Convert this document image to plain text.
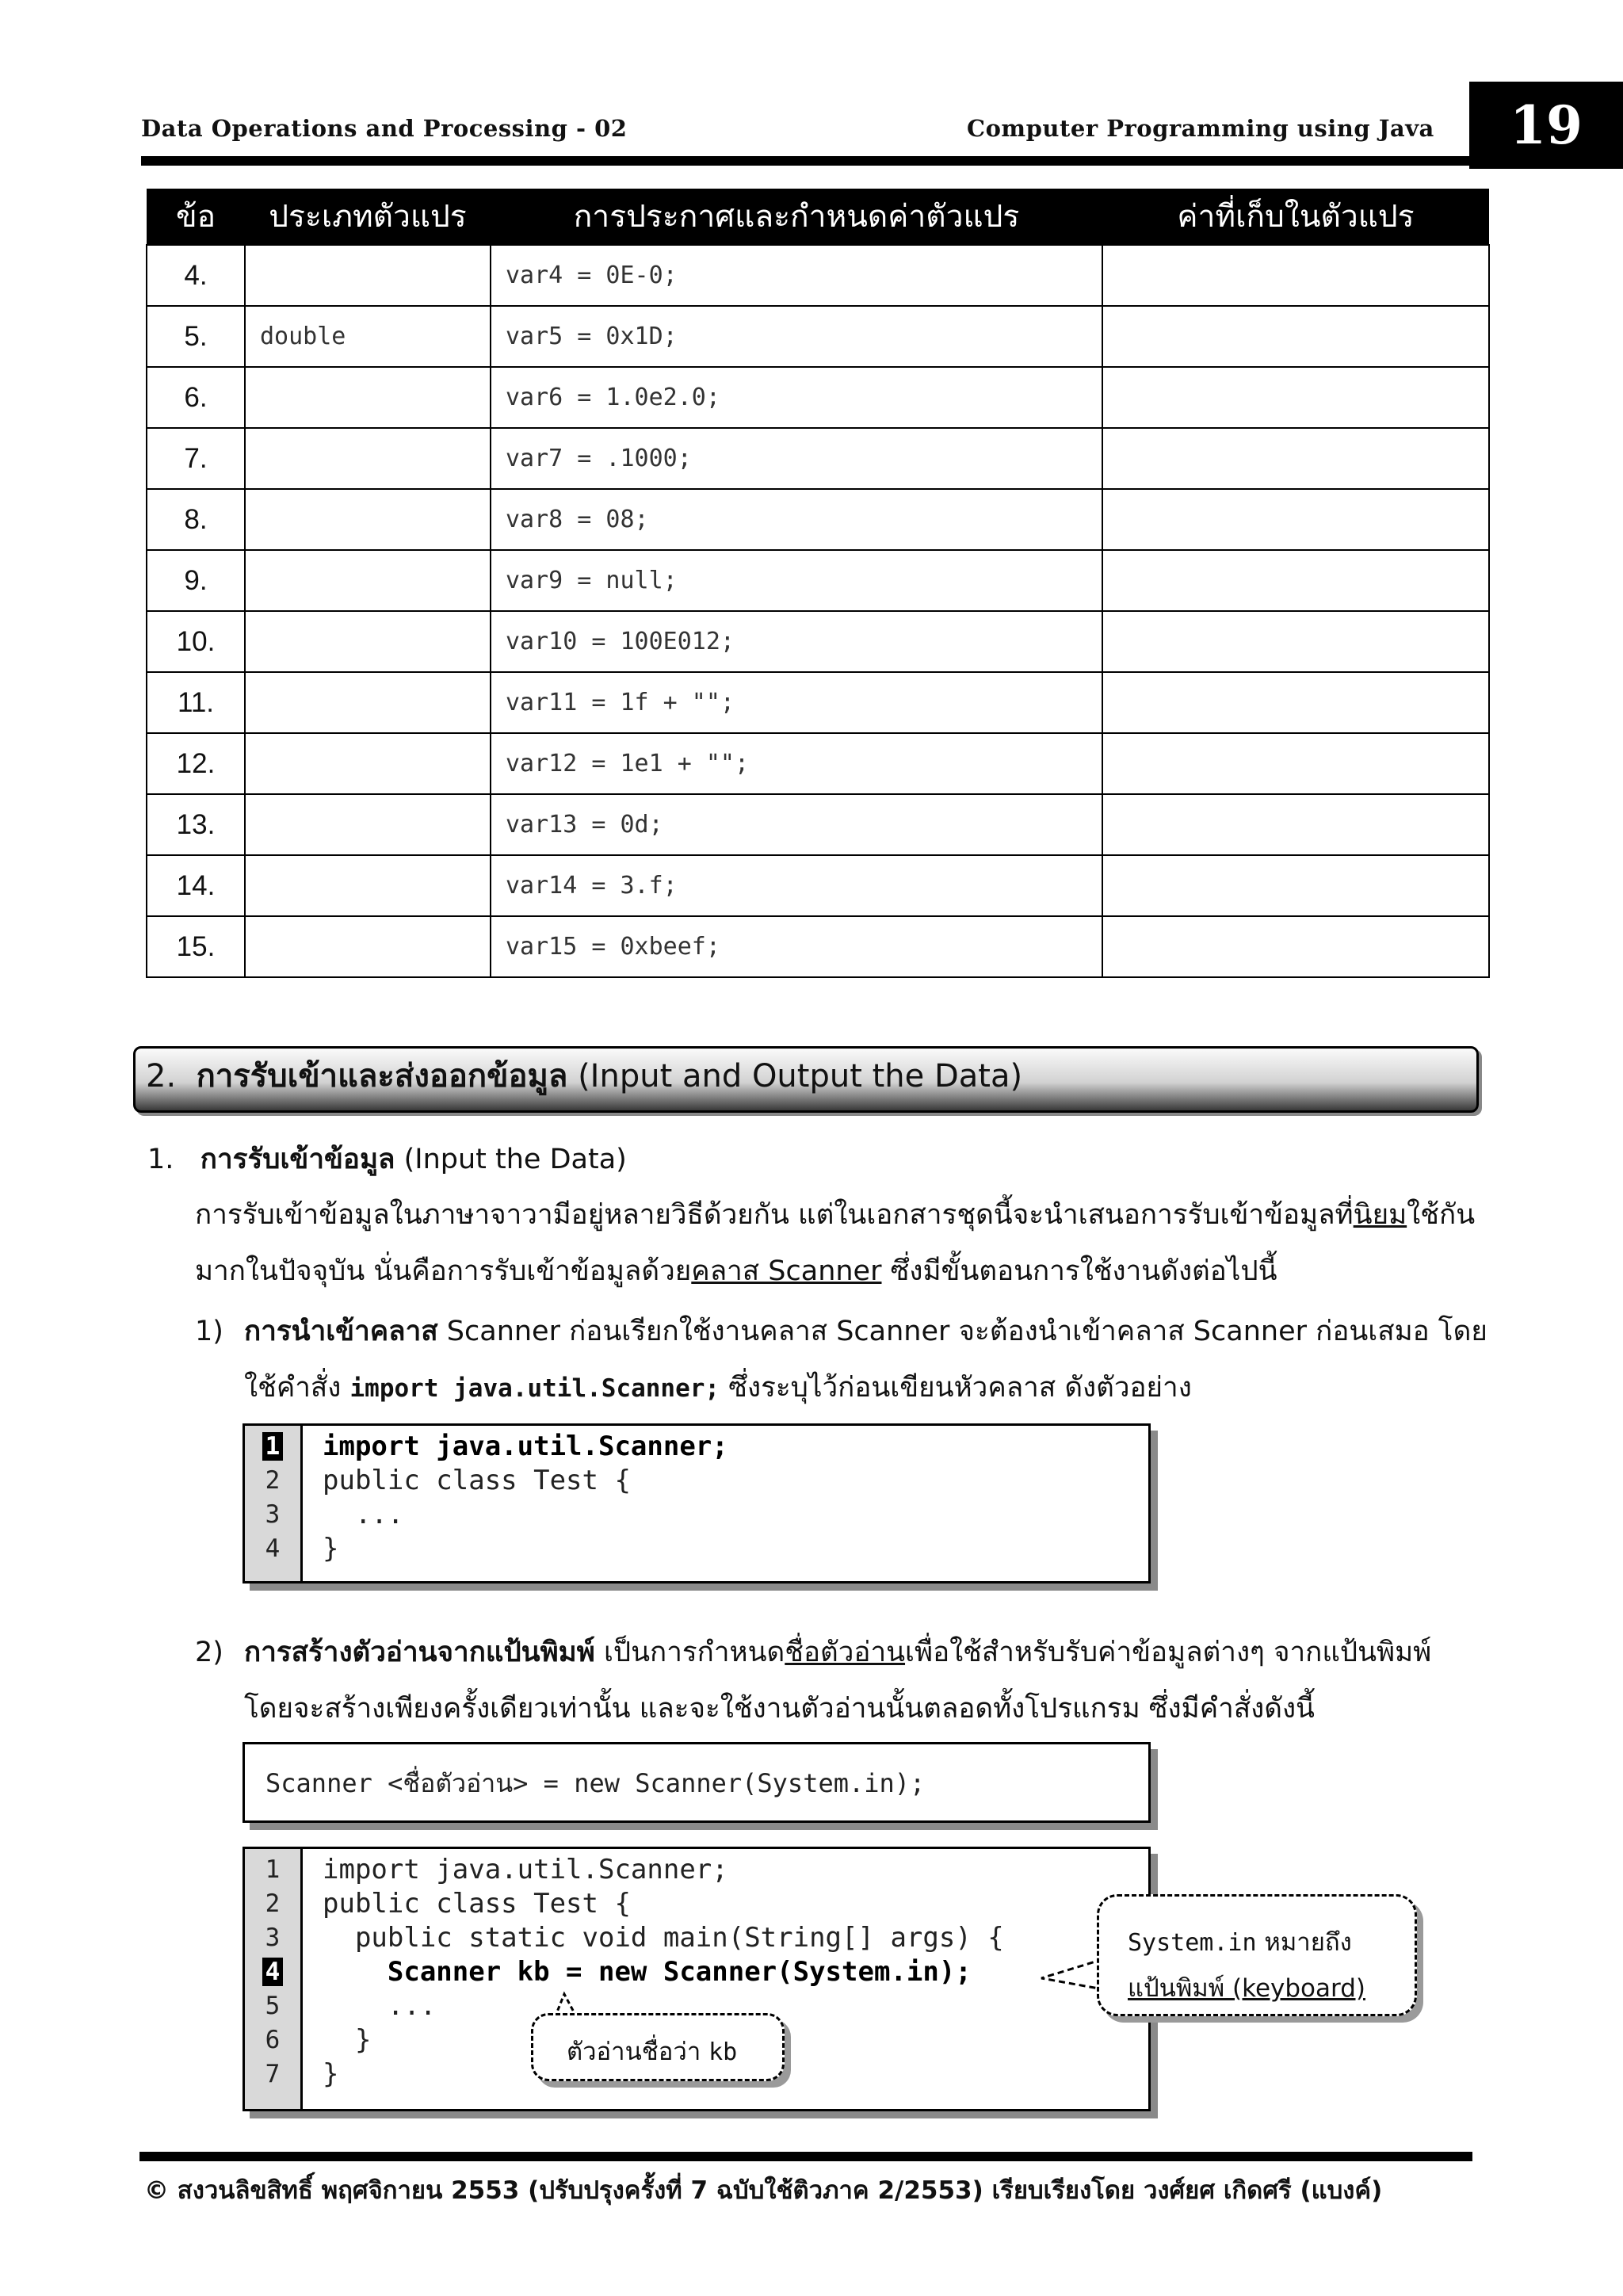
Data Operations and Processing - 02	Computer Programming using Java	19
ข้อ	ประเภทตัวแปร	การประกาศและกำหนดค่าตัวแปร	ค่าที่เก็บในตัวแปร
4.		var4 = 0E-0;	
5.	double	var5 = 0x1D;	
6.		var6 = 1.0e2.0;	
7.		var7 = .1000;	
8.		var8 = 08;	
9.		var9 = null;	
10.		var10 = 100E012;	
11.		var11 = 1f + "";	
12.		var12 = 1e1 + "";	
13.		var13 = 0d;	
14.		var14 = 3.f;	
15.		var15 = 0xbeef;	
2. การรับเข้าและส่งออกข้อมูล (Input and Output the Data)
1. การรับเข้าข้อมูล (Input the Data)
การรับเข้าข้อมูลในภาษาจาวามีอยู่หลายวิธีด้วยกัน แต่ในเอกสารชุดนี้จะนำเสนอการรับเข้าข้อมูลที่นิยมใช้กัน
มากในปัจจุบัน นั่นคือการรับเข้าข้อมูลด้วยคลาส Scanner ซึ่งมีขั้นตอนการใช้งานดังต่อไปนี้
1) การนำเข้าคลาส Scanner ก่อนเรียกใช้งานคลาส Scanner จะต้องนำเข้าคลาส Scanner ก่อนเสมอ โดย
ใช้คำสั่ง import java.util.Scanner; ซึ่งระบุไว้ก่อนเขียนหัวคลาส ดังตัวอย่าง
1
2
3
4
import java.util.Scanner;
public class Test {
...
}
2) การสร้างตัวอ่านจากแป้นพิมพ์ เป็นการกำหนดชื่อตัวอ่านเพื่อใช้สำหรับรับค่าข้อมูลต่างๆ จากแป้นพิมพ์
โดยจะสร้างเพียงครั้งเดียวเท่านั้น และจะใช้งานตัวอ่านนั้นตลอดทั้งโปรแกรม ซึ่งมีคำสั่งดังนี้
Scanner <ชื่อตัวอ่าน> = new Scanner(System.in);
1
2
3
4
5
6
7
import java.util.Scanner;
public class Test {
public static void main(String[] args) {
Scanner kb = new Scanner(System.in);
...
}
}
System.in หมายถึง
แป้นพิมพ์ (keyboard)
ตัวอ่านชื่อว่า kb
© สงวนลิขสิทธิ์ พฤศจิกายน 2553 (ปรับปรุงครั้งที่ 7 ฉบับใช้ติวภาค 2/2553) เรียบเรียงโดย วงศ์ยศ เกิดศรี (แบงค์)
